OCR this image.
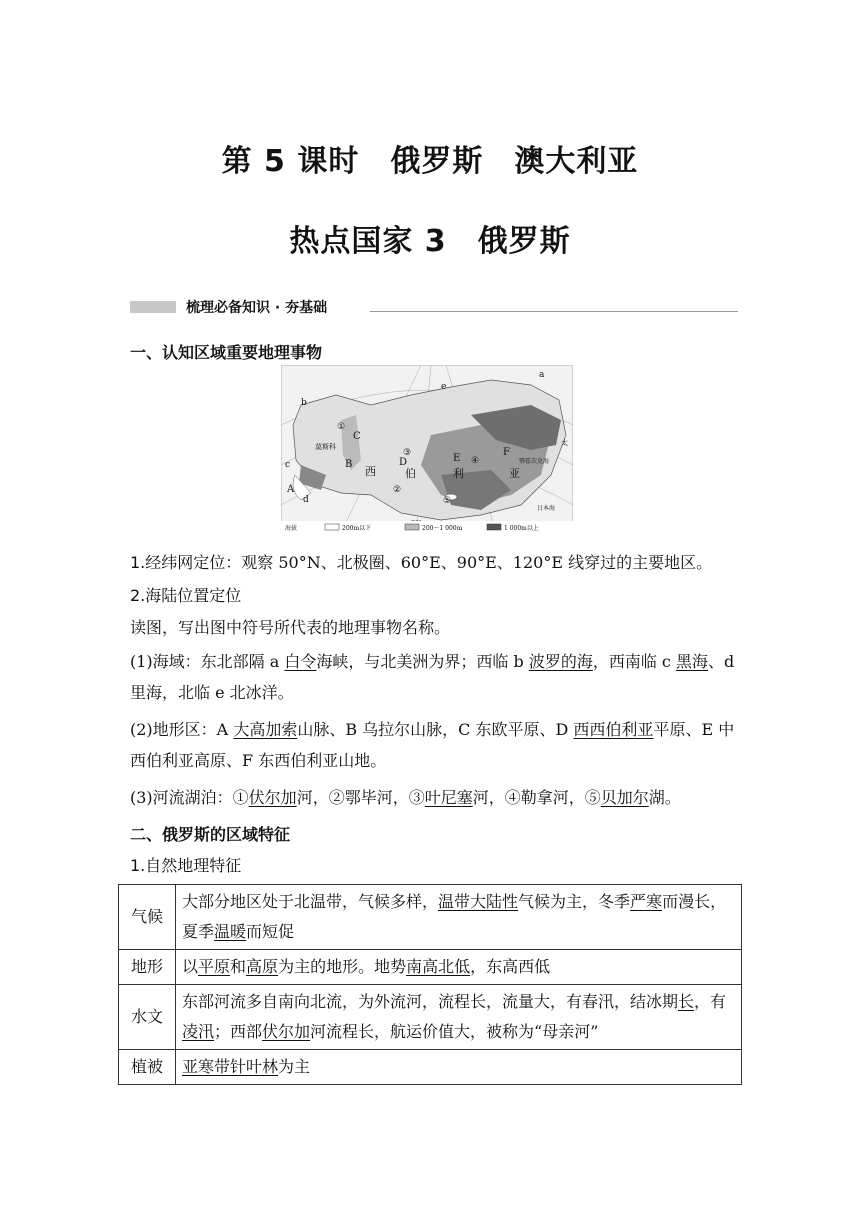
第 5 课时　俄罗斯　澳大利亚
热点国家 3　俄罗斯
梳理必备知识 · 夯基础
一、认知区域重要地理事物
莫斯科
a
b
c
d
e
A
B
C
D	E
F
①
②
③
④
⑤
西	伯	利	亚
鄂霍次克海
太
日本海
海拔	200m以下	200～1 000m	1 000m以上
1.经纬网定位：观察 50°N、北极圈、60°E、90°E、120°E 线穿过的主要地区。
2.海陆位置定位
读图，写出图中符号所代表的地理事物名称。
(1)海域：东北部隔 a 白令海峡，与北美洲为界；西临 b 波罗的海，西南临 c 黑海、d 里海，北临 e 北冰洋。
(2)地形区：A 大高加索山脉、B 乌拉尔山脉，C 东欧平原、D 西西伯利亚平原、E 中西伯利亚高原、F 东西伯利亚山地。
(3)河流湖泊：①伏尔加河，②鄂毕河，③叶尼塞河，④勒拿河，⑤贝加尔湖。
二、俄罗斯的区域特征
1.自然地理特征
气候	大部分地区处于北温带，气候多样，温带大陆性气候为主，冬季严寒而漫长，夏季温暖而短促
地形	以平原和高原为主的地形。地势南高北低，东高西低
水文	东部河流多自南向北流，为外流河，流程长，流量大，有春汛，结冰期长，有凌汛；西部伏尔加河流程长，航运价值大，被称为“母亲河”
植被	亚寒带针叶林为主
